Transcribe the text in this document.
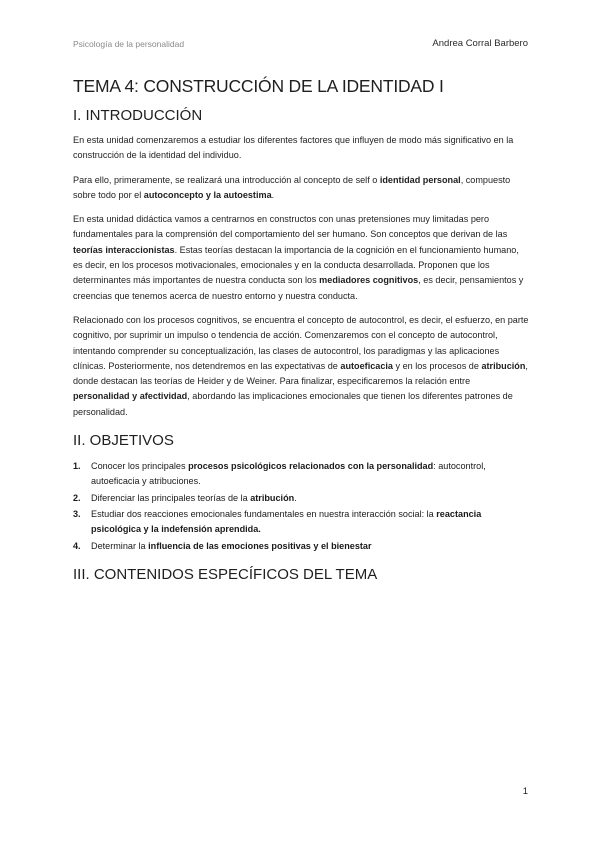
Psicología de la personalidad	Andrea Corral Barbero
TEMA 4: CONSTRUCCIÓN DE LA IDENTIDAD I
I. INTRODUCCIÓN

En esta unidad comenzaremos a estudiar los diferentes factores que influyen de modo más significativo en la construcción de la identidad del individuo.

Para ello, primeramente, se realizará una introducción al concepto de self o identidad personal, compuesto sobre todo por el autoconcepto y la autoestima.

En esta unidad didáctica vamos a centrarnos en constructos con unas pretensiones muy limitadas pero fundamentales para la comprensión del comportamiento del ser humano. Son conceptos que derivan de las teorías interaccionistas. Estas teorías destacan la importancia de la cognición en el funcionamiento humano, es decir, en los procesos motivacionales, emocionales y en la conducta desarrollada. Proponen que los determinantes más importantes de nuestra conducta son los mediadores cognitivos, es decir, pensamientos y creencias que tenemos acerca de nuestro entorno y nuestra conducta.

Relacionado con los procesos cognitivos, se encuentra el concepto de autocontrol, es decir, el esfuerzo, en parte cognitivo, por suprimir un impulso o tendencia de acción. Comenzaremos con el concepto de autocontrol, intentando comprender su conceptualización, las clases de autocontrol, los paradigmas y las aplicaciones clínicas. Posteriormente, nos detendremos en las expectativas de autoeficacia y en los procesos de atribución, donde destacan las teorías de Heider y de Weiner. Para finalizar, especificaremos la relación entre personalidad y afectividad, abordando las implicaciones emocionales que tienen los diferentes patrones de personalidad.

II. OBJETIVOS
1. Conocer los principales procesos psicológicos relacionados con la personalidad: autocontrol, autoeficacia y atribuciones.
2. Diferenciar las principales teorías de la atribución.
3. Estudiar dos reacciones emocionales fundamentales en nuestra interacción social: la reactancia psicológica y la indefensión aprendida.
4. Determinar la influencia de las emociones positivas y el bienestar
III. CONTENIDOS ESPECÍFICOS DEL TEMA
1
